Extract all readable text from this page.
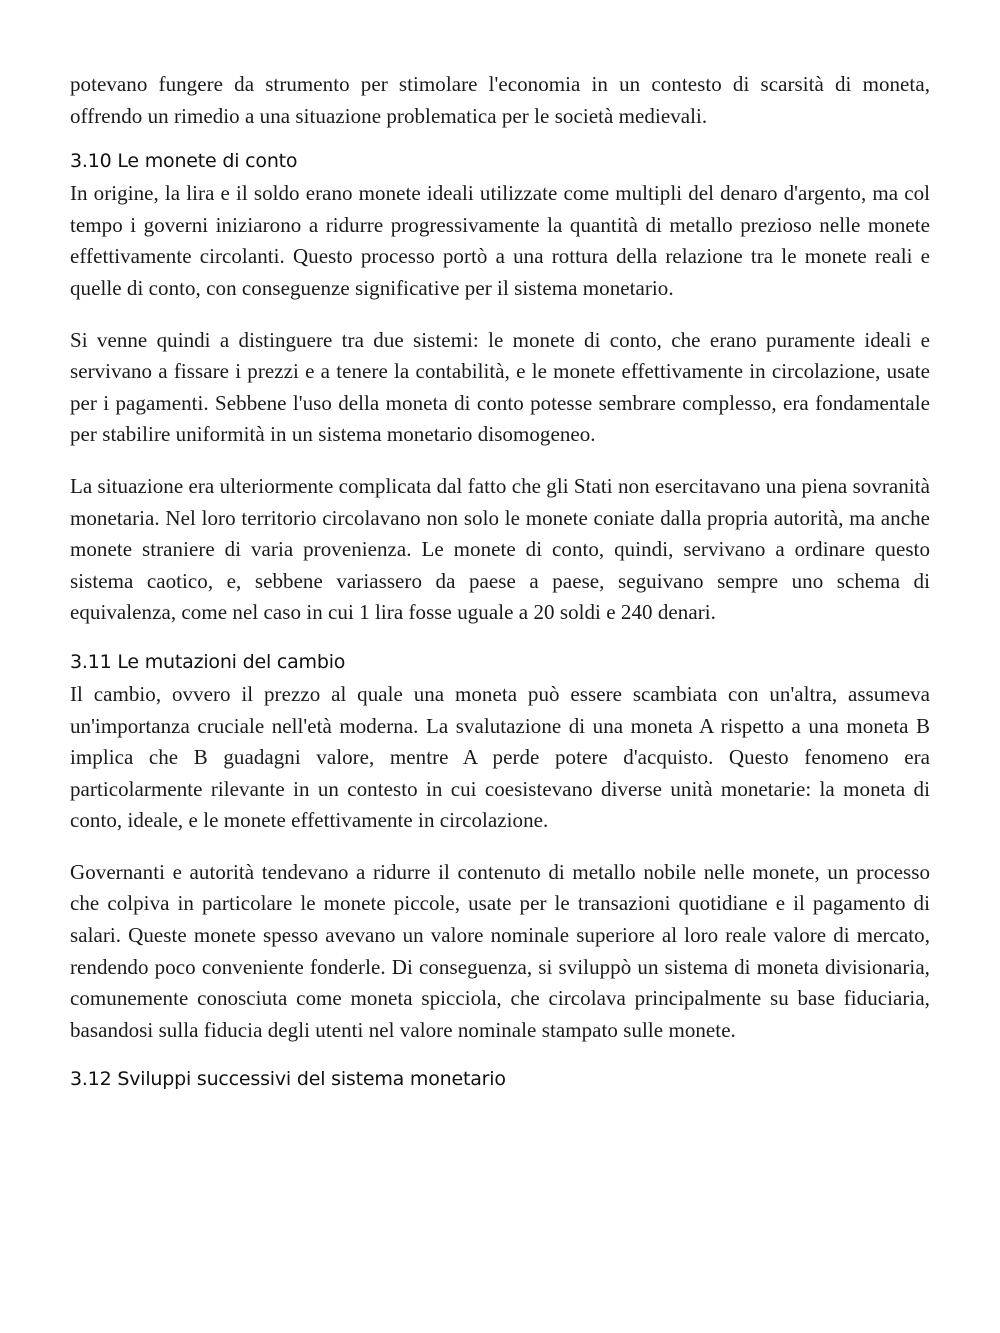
potevano fungere da strumento per stimolare l'economia in un contesto di scarsità di moneta, offrendo un rimedio a una situazione problematica per le società medievali.

3.10 Le monete di conto

In origine, la lira e il soldo erano monete ideali utilizzate come multipli del denaro d'argento, ma col tempo i governi iniziarono a ridurre progressivamente la quantità di metallo prezioso nelle monete effettivamente circolanti. Questo processo portò a una rottura della relazione tra le monete reali e quelle di conto, con conseguenze significative per il sistema monetario.

Si venne quindi a distinguere tra due sistemi: le monete di conto, che erano puramente ideali e servivano a fissare i prezzi e a tenere la contabilità, e le monete effettivamente in circolazione, usate per i pagamenti. Sebbene l'uso della moneta di conto potesse sembrare complesso, era fondamentale per stabilire uniformità in un sistema monetario disomogeneo.

La situazione era ulteriormente complicata dal fatto che gli Stati non esercitavano una piena sovranità monetaria. Nel loro territorio circolavano non solo le monete coniate dalla propria autorità, ma anche monete straniere di varia provenienza. Le monete di conto, quindi, servivano a ordinare questo sistema caotico, e, sebbene variassero da paese a paese, seguivano sempre uno schema di equivalenza, come nel caso in cui 1 lira fosse uguale a 20 soldi e 240 denari.

3.11 Le mutazioni del cambio

Il cambio, ovvero il prezzo al quale una moneta può essere scambiata con un'altra, assumeva un'importanza cruciale nell'età moderna. La svalutazione di una moneta A rispetto a una moneta B implica che B guadagni valore, mentre A perde potere d'acquisto. Questo fenomeno era particolarmente rilevante in un contesto in cui coesistevano diverse unità monetarie: la moneta di conto, ideale, e le monete effettivamente in circolazione.

Governanti e autorità tendevano a ridurre il contenuto di metallo nobile nelle monete, un processo che colpiva in particolare le monete piccole, usate per le transazioni quotidiane e il pagamento di salari. Queste monete spesso avevano un valore nominale superiore al loro reale valore di mercato, rendendo poco conveniente fonderle. Di conseguenza, si sviluppò un sistema di moneta divisionaria, comunemente conosciuta come moneta spicciola, che circolava principalmente su base fiduciaria, basandosi sulla fiducia degli utenti nel valore nominale stampato sulle monete.

3.12 Sviluppi successivi del sistema monetario
